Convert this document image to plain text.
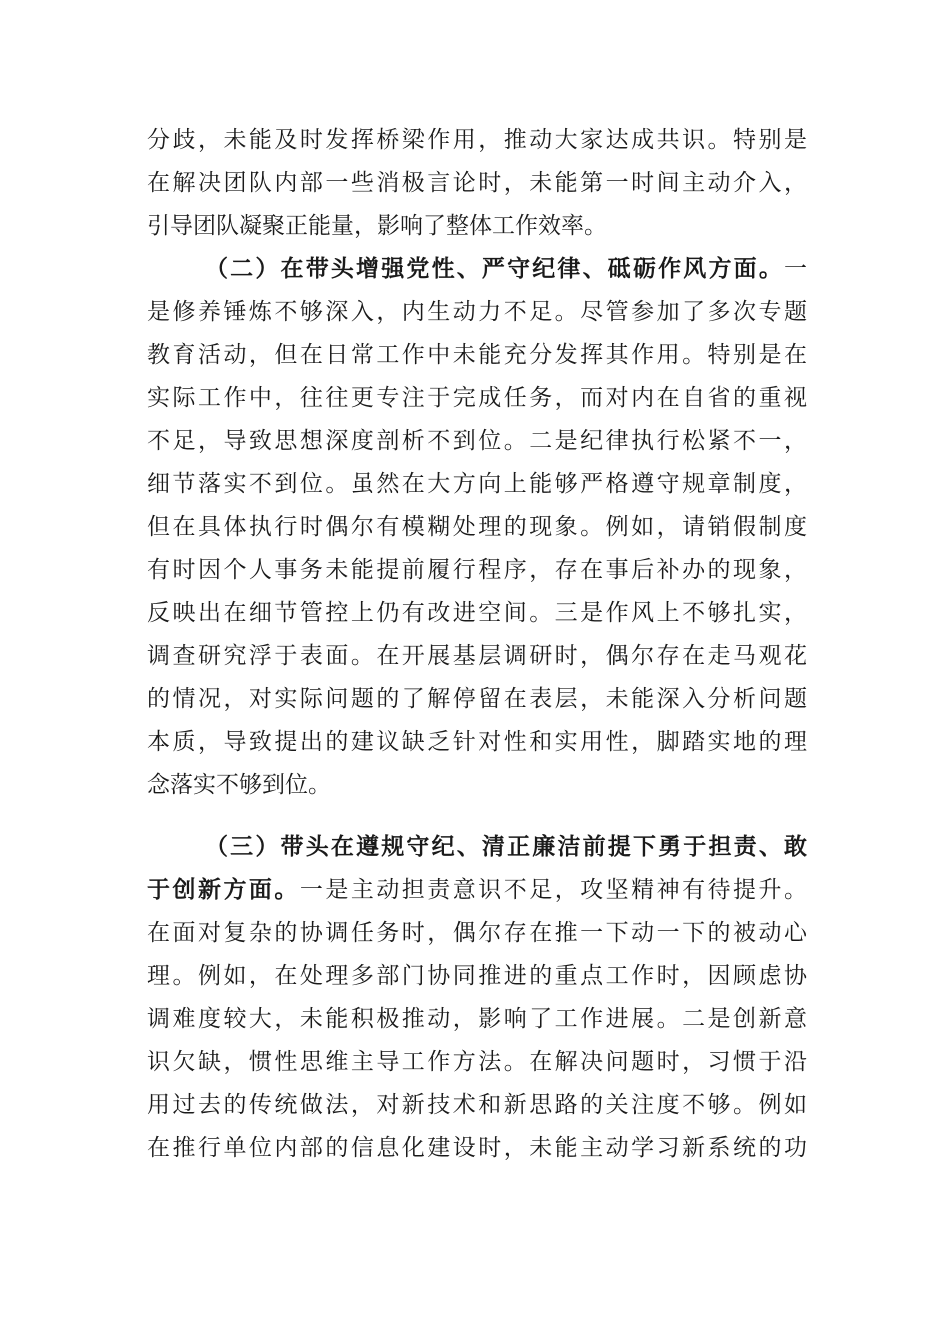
分歧，未能及时发挥桥梁作用，推动大家达成共识。特别是
在解决团队内部一些消极言论时，未能第一时间主动介入，
引导团队凝聚正能量，影响了整体工作效率。
（二）在带头增强党性、严守纪律、砥砺作风方面。一
是修养锤炼不够深入，内生动力不足。尽管参加了多次专题
教育活动，但在日常工作中未能充分发挥其作用。特别是在
实际工作中，往往更专注于完成任务，而对内在自省的重视
不足，导致思想深度剖析不到位。二是纪律执行松紧不一，
细节落实不到位。虽然在大方向上能够严格遵守规章制度，
但在具体执行时偶尔有模糊处理的现象。例如，请销假制度
有时因个人事务未能提前履行程序，存在事后补办的现象，
反映出在细节管控上仍有改进空间。三是作风上不够扎实，
调查研究浮于表面。在开展基层调研时，偶尔存在走马观花
的情况，对实际问题的了解停留在表层，未能深入分析问题
本质，导致提出的建议缺乏针对性和实用性，脚踏实地的理
念落实不够到位。
（三）带头在遵规守纪、清正廉洁前提下勇于担责、敢
于创新方面。一是主动担责意识不足，攻坚精神有待提升。
在面对复杂的协调任务时，偶尔存在推一下动一下的被动心
理。例如，在处理多部门协同推进的重点工作时，因顾虑协
调难度较大，未能积极推动，影响了工作进展。二是创新意
识欠缺，惯性思维主导工作方法。在解决问题时，习惯于沿
用过去的传统做法，对新技术和新思路的关注度不够。例如
在推行单位内部的信息化建设时，未能主动学习新系统的功
